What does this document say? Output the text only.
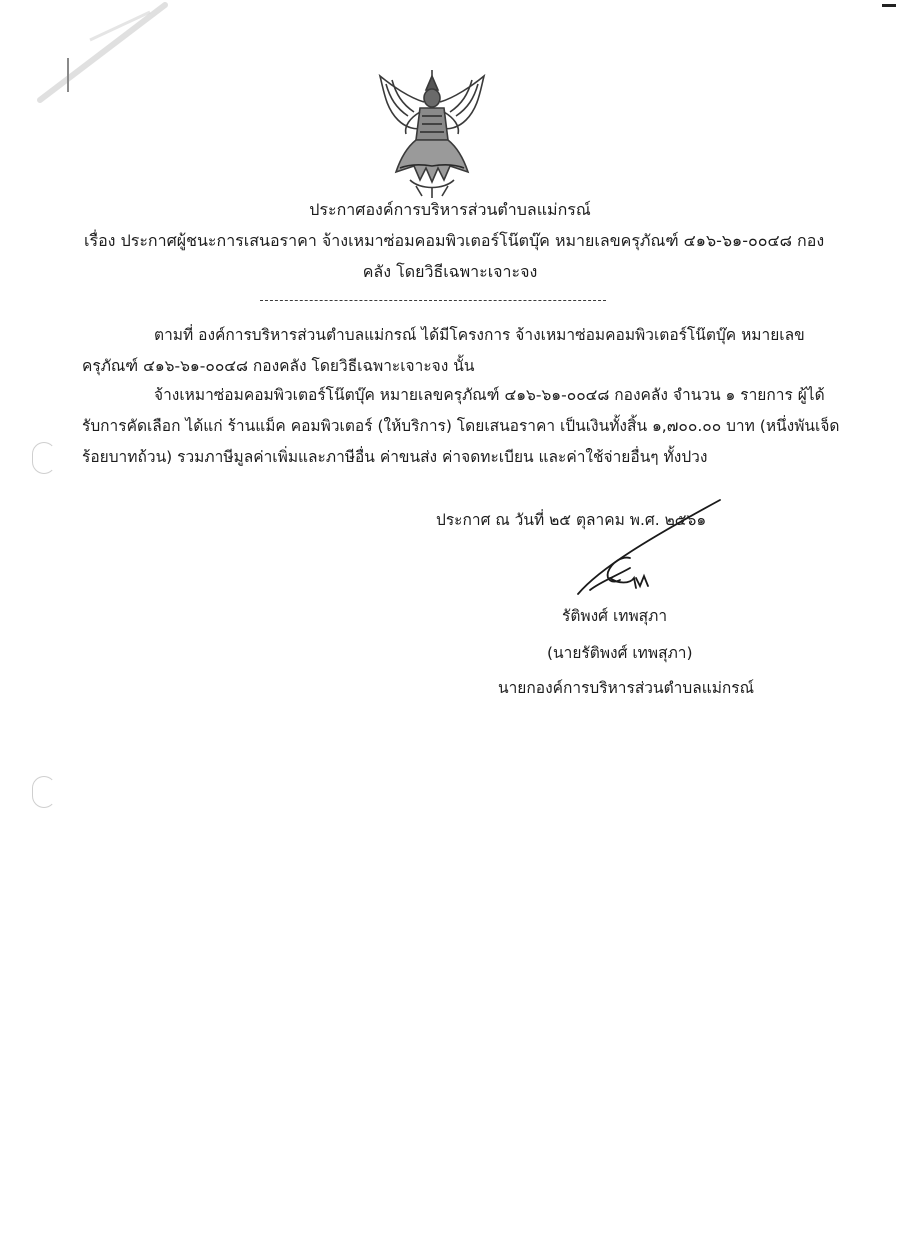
ประกาศองค์การบริหารส่วนตำบลแม่กรณ์
เรื่อง ประกาศผู้ชนะการเสนอราคา จ้างเหมาซ่อมคอมพิวเตอร์โน๊ตบุ๊ค หมายเลขครุภัณฑ์ ๔๑๖-๖๑-๐๐๔๘ กอง
คลัง โดยวิธีเฉพาะเจาะจง
ตามที่ องค์การบริหารส่วนตำบลแม่กรณ์ ได้มีโครงการ จ้างเหมาซ่อมคอมพิวเตอร์โน๊ตบุ๊ค หมายเลข
ครุภัณฑ์ ๔๑๖-๖๑-๐๐๔๘ กองคลัง โดยวิธีเฉพาะเจาะจง นั้น
จ้างเหมาซ่อมคอมพิวเตอร์โน๊ตบุ๊ค หมายเลขครุภัณฑ์ ๔๑๖-๖๑-๐๐๔๘ กองคลัง จำนวน ๑ รายการ ผู้ได้
รับการคัดเลือก ได้แก่ ร้านแม็ค คอมพิวเตอร์ (ให้บริการ) โดยเสนอราคา เป็นเงินทั้งสิ้น ๑,๗๐๐.๐๐ บาท (หนึ่งพันเจ็ด
ร้อยบาทถ้วน) รวมภาษีมูลค่าเพิ่มและภาษีอื่น ค่าขนส่ง ค่าจดทะเบียน และค่าใช้จ่ายอื่นๆ ทั้งปวง
ประกาศ ณ วันที่ ๒๕ ตุลาคม พ.ศ. ๒๕๖๑
รัติพงศ์ เทพสุภา
(นายรัติพงศ์ เทพสุภา)
นายกองค์การบริหารส่วนตำบลแม่กรณ์
